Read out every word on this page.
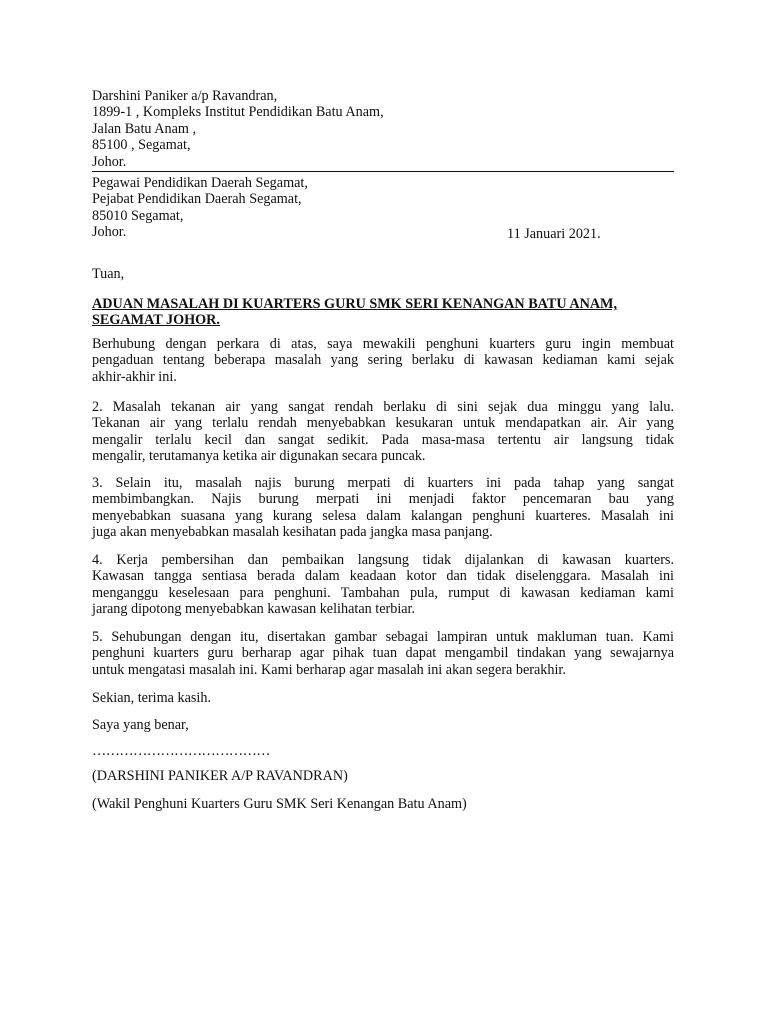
Darshini Paniker a/p Ravandran,
1899-1 , Kompleks Institut Pendidikan Batu Anam,
Jalan Batu Anam ,
85100 , Segamat,
Johor.
Pegawai Pendidikan Daerah Segamat,
Pejabat Pendidikan Daerah Segamat,
85010 Segamat,
Johor.	11 Januari 2021.
Tuan,
ADUAN MASALAH DI KUARTERS GURU SMK SERI KENANGAN BATU ANAM,
SEGAMAT JOHOR.
Berhubung dengan perkara di atas, saya mewakili penghuni kuarters guru ingin membuat
pengaduan tentang beberapa masalah yang sering berlaku di kawasan kediaman kami sejak
akhir-akhir ini.
2. Masalah tekanan air yang sangat rendah berlaku di sini sejak dua minggu yang lalu.
Tekanan air yang terlalu rendah menyebabkan kesukaran untuk mendapatkan air. Air yang
mengalir terlalu kecil dan sangat sedikit. Pada masa-masa tertentu air langsung tidak
mengalir, terutamanya ketika air digunakan secara puncak.
3. Selain itu, masalah najis burung merpati di kuarters ini pada tahap yang sangat
membimbangkan. Najis burung merpati ini menjadi faktor pencemaran bau yang
menyebabkan suasana yang kurang selesa dalam kalangan penghuni kuarteres. Masalah ini
juga akan menyebabkan masalah kesihatan pada jangka masa panjang.
4. Kerja pembersihan dan pembaikan langsung tidak dijalankan di kawasan kuarters.
Kawasan tangga sentiasa berada dalam keadaan kotor dan tidak diselenggara. Masalah ini
menganggu keselesaan para penghuni. Tambahan pula, rumput di kawasan kediaman kami
jarang dipotong menyebabkan kawasan kelihatan terbiar.
5. Sehubungan dengan itu, disertakan gambar sebagai lampiran untuk makluman tuan. Kami
penghuni kuarters guru berharap agar pihak tuan dapat mengambil tindakan yang sewajarnya
untuk mengatasi masalah ini. Kami berharap agar masalah ini akan segera berakhir.
Sekian, terima kasih.
Saya yang benar,
…………………………………
(DARSHINI PANIKER A/P RAVANDRAN)
(Wakil Penghuni Kuarters Guru SMK Seri Kenangan Batu Anam)
